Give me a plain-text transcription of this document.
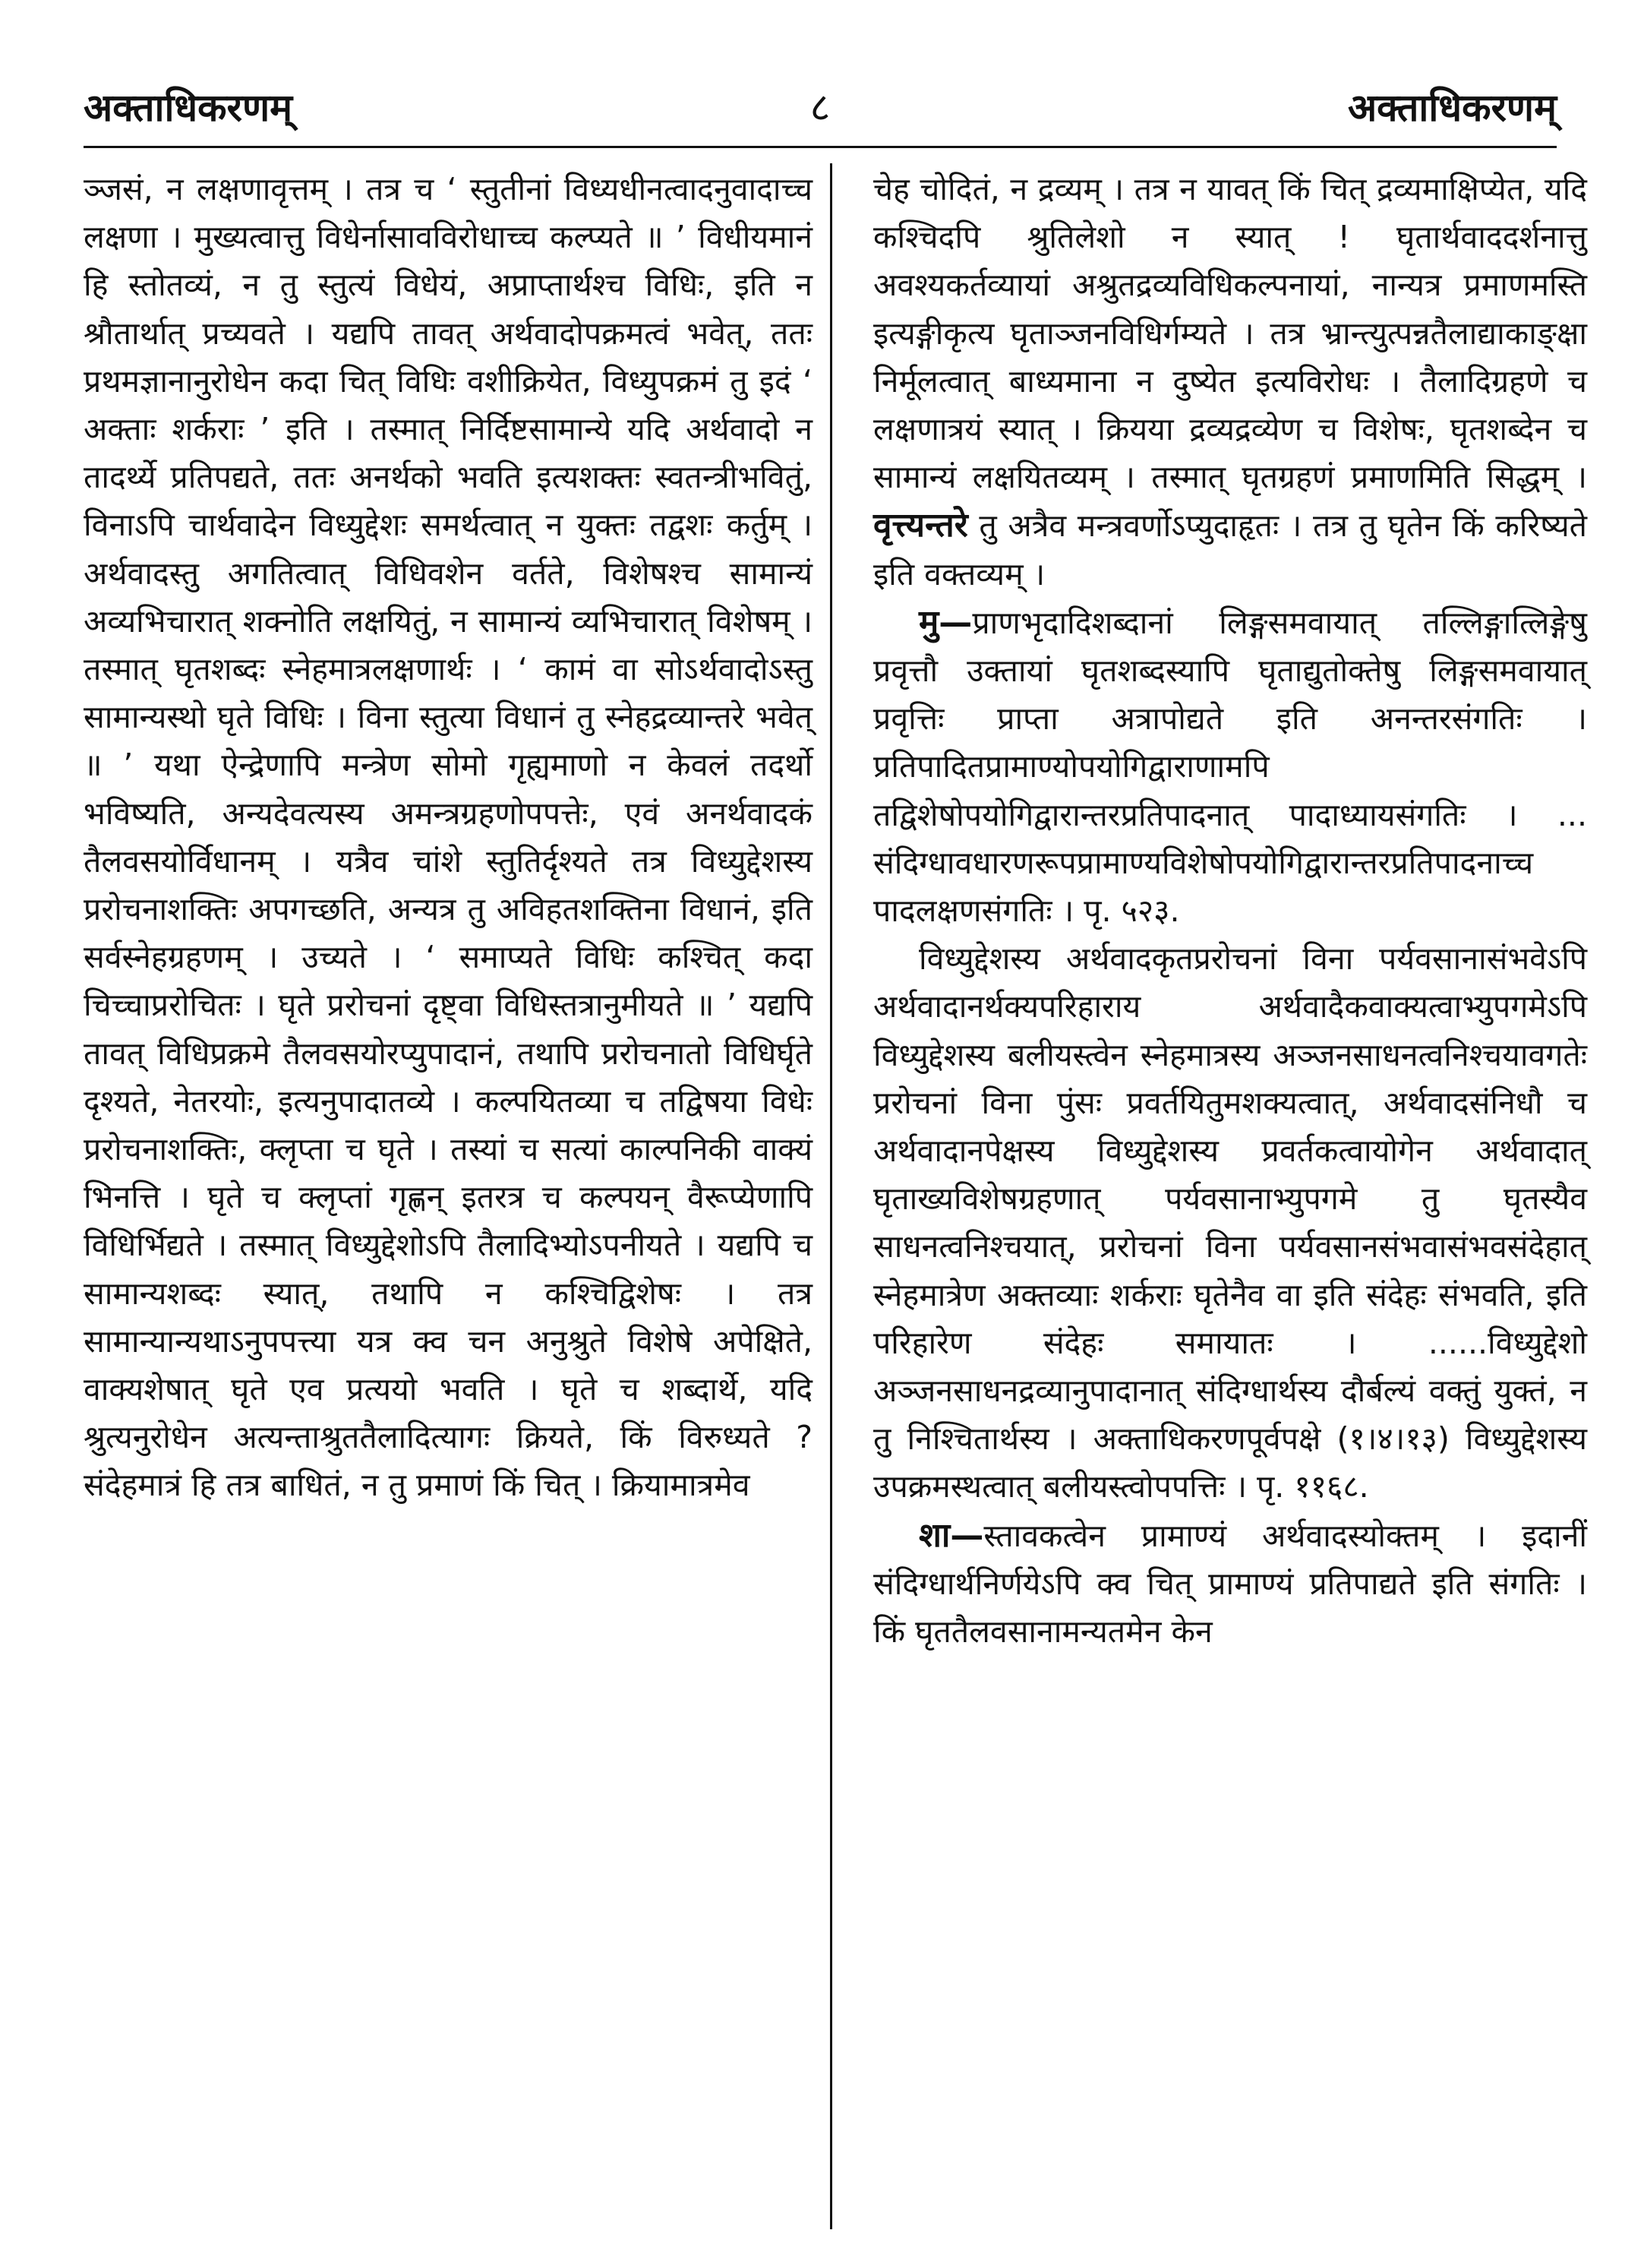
अक्ताधिकरणम्	८	अक्ताधिकरणम्

ञ्जसं, न लक्षणावृत्तम् । तत्र च ‘ स्तुतीनां विध्यधीनत्वादनुवादाच्च लक्षणा । मुख्यत्वात्तु विधेर्नासावविरोधाच्च कल्प्यते ॥ ’ विधीयमानं हि स्तोतव्यं, न तु स्तुत्यं विधेयं, अप्राप्तार्थश्च विधिः, इति न श्रौतार्थात् प्रच्यवते । यद्यपि तावत् अर्थवादोपक्रमत्वं भवेत्, ततः प्रथमज्ञानानुरोधेन कदा चित् विधिः वशीक्रियेत, विध्युपक्रमं तु इदं ‘ अक्ताः शर्कराः ’ इति । तस्मात् निर्दिष्टसामान्ये यदि अर्थवादो न तादर्थ्ये प्रतिपद्यते, ततः अनर्थको भवति इत्यशक्तः स्वतन्त्रीभवितुं, विनाऽपि चार्थवादेन विध्युद्देशः समर्थत्वात् न युक्तः तद्वशः कर्तुम् । अर्थवादस्तु अगतित्वात् विधिवशेन वर्तते, विशेषश्च सामान्यं अव्यभिचारात् शक्नोति लक्षयितुं, न सामान्यं व्यभिचारात् विशेषम् । तस्मात् घृतशब्दः स्नेहमात्रलक्षणार्थः । ‘ कामं वा सोऽर्थवादोऽस्तु सामान्यस्थो घृते विधिः । विना स्तुत्या विधानं तु स्नेहद्रव्यान्तरे भवेत् ॥ ’ यथा ऐन्द्रेणापि मन्त्रेण सोमो गृह्यमाणो न केवलं तदर्थो भविष्यति, अन्यदेवत्यस्य अमन्त्रग्रहणोपपत्तेः, एवं अनर्थवादकं तैलवसयोर्विधानम् । यत्रैव चांशे स्तुतिर्दृश्यते तत्र विध्युद्देशस्य प्ररोचनाशक्तिः अपगच्छति, अन्यत्र तु अविहतशक्तिना विधानं, इति सर्वस्नेहग्रहणम् । उच्यते । ‘ समाप्यते विधिः कश्चित् कदा चिच्चाप्ररोचितः । घृते प्ररोचनां दृष्ट्वा विधिस्तत्रानुमीयते ॥ ’ यद्यपि तावत् विधिप्रक्रमे तैलवसयोरप्युपादानं, तथापि प्ररोचनातो विधिर्घृते दृश्यते, नेतरयोः, इत्यनुपादातव्ये । कल्पयितव्या च तद्विषया विधेः प्ररोचनाशक्तिः, क्लृप्ता च घृते । तस्यां च सत्यां काल्पनिकी वाक्यं भिनत्ति । घृते च क्लृप्तां गृह्णन् इतरत्र च कल्पयन् वैरूप्येणापि विधिर्भिद्यते । तस्मात् विध्युद्देशोऽपि तैलादिभ्योऽपनीयते । यद्यपि च सामान्यशब्दः स्यात्, तथापि न कश्चिद्विशेषः । तत्र सामान्यान्यथाऽनुपपत्त्या यत्र क्व चन अनुश्रुते विशेषे अपेक्षिते, वाक्यशेषात् घृते एव प्रत्ययो भवति । घृते च शब्दार्थे, यदि श्रुत्यनुरोधेन अत्यन्ताश्रुततैलादित्यागः क्रियते, किं विरुध्यते ? संदेहमात्रं हि तत्र बाधितं, न तु प्रमाणं किं चित् । क्रियामात्रमेव

चेह चोदितं, न द्रव्यम् । तत्र न यावत् किं चित् द्रव्यमाक्षिप्येत, यदि कश्चिदपि श्रुतिलेशो न स्यात् ! घृतार्थवाददर्शनात्तु अवश्यकर्तव्यायां अश्रुतद्रव्यविधिकल्पनायां, नान्यत्र प्रमाणमस्ति इत्यङ्गीकृत्य घृताञ्जनविधिर्गम्यते । तत्र भ्रान्त्युत्पन्नतैलाद्याकाङ्क्षा निर्मूलत्वात् बाध्यमाना न दुष्येत इत्यविरोधः । तैलादिग्रहणे च लक्षणात्रयं स्यात् । क्रियया द्रव्यद्रव्येण च विशेषः, घृतशब्देन च सामान्यं लक्षयितव्यम् । तस्मात् घृतग्रहणं प्रमाणमिति सिद्धम् । वृत्त्यन्तरे तु अत्रैव मन्त्रवर्णोऽप्युदाहृतः । तत्र तु घृतेन किं करिष्यते इति वक्तव्यम् ।

मु—प्राणभृदादिशब्दानां लिङ्गसमवायात् तल्लिङ्गात्लिङ्गेषु प्रवृत्तौ उक्तायां घृतशब्दस्यापि घृताद्युतोक्तेषु लिङ्गसमवायात् प्रवृत्तिः प्राप्ता अत्रापोद्यते इति अनन्तरसंगतिः । प्रतिपादितप्रामाण्योपयोगिद्वाराणामपि तद्विशेषोपयोगिद्वारान्तरप्रतिपादनात् पादाध्यायसंगतिः । ... संदिग्धावधारणरूपप्रामाण्यविशेषोपयोगिद्वारान्तरप्रतिपादनाच्च पादलक्षणसंगतिः । पृ. ५२३.

विध्युद्देशस्य अर्थवादकृतप्ररोचनां विना पर्यवसानासंभवेऽपि अर्थवादानर्थक्यपरिहाराय अर्थवादैकवाक्यत्वाभ्युपगमेऽपि विध्युद्देशस्य बलीयस्त्वेन स्नेहमात्रस्य अञ्जनसाधनत्वनिश्चयावगतेः प्ररोचनां विना पुंसः प्रवर्तयितुमशक्यत्वात्, अर्थवादसंनिधौ च अर्थवादानपेक्षस्य विध्युद्देशस्य प्रवर्तकत्वायोगेन अर्थवादात् घृताख्यविशेषग्रहणात् पर्यवसानाभ्युपगमे तु घृतस्यैव साधनत्वनिश्चयात्, प्ररोचनां विना पर्यवसानसंभवासंभवसंदेहात् स्नेहमात्रेण अक्तव्याः शर्कराः घृतेनैव वा इति संदेहः संभवति, इति परिहारेण संदेहः समायातः । ......विध्युद्देशो अञ्जनसाधनद्रव्यानुपादानात् संदिग्धार्थस्य दौर्बल्यं वक्तुं युक्तं, न तु निश्चितार्थस्य । अक्ताधिकरणपूर्वपक्षे (१।४।१३) विध्युद्देशस्य उपक्रमस्थत्वात् बलीयस्त्वोपपत्तिः । पृ. ११६८.

शा—स्तावकत्वेन प्रामाण्यं अर्थवादस्योक्तम् । इदानीं संदिग्धार्थनिर्णयेऽपि क्व चित् प्रामाण्यं प्रतिपाद्यते इति संगतिः । किं घृततैलवसानामन्यतमेन केन
